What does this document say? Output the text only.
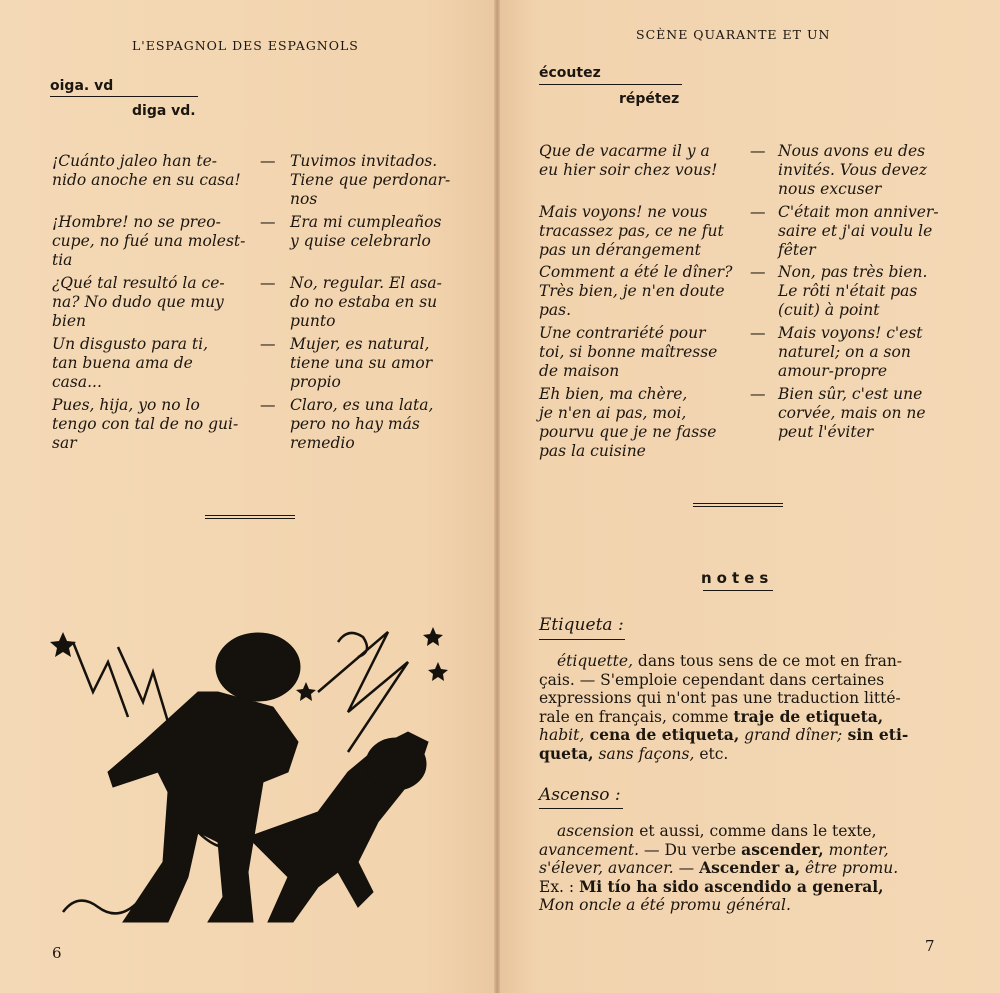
L'ESPAGNOL DES ESPAGNOLS
oiga. vd
diga vd.
¡Cuánto jaleo han te-
nido anoche en su casa!
— Tuvimos invitados.
Tiene que perdonar-
nos
¡Hombre! no se preo-
cupe, no fué una molest-
tia
— Era mi cumpleaños
y quise celebrarlo
¿Qué tal resultó la ce-
na? No dudo que muy
bien
— No, regular. El asa-
do no estaba en su
punto
Un disgusto para ti,
tan buena ama de casa...
— Mujer, es natural,
tiene una su amor
propio
Pues, hija, yo no lo
tengo con tal de no gui-
sar
— Claro, es una lata,
pero no hay más
remedio
6
SCÈNE QUARANTE ET UN
écoutez
répétez
Que de vacarme il y a
eu hier soir chez vous!
— Nous avons eu des
invités. Vous devez
nous excuser
Mais voyons! ne vous
tracassez pas, ce ne fut
pas un dérangement
— C'était mon anniver-
saire et j'ai voulu le
fêter
Comment a été le dîner?
Très bien, je n'en doute
pas.
— Non, pas très bien.
Le rôti n'était pas
(cuit) à point
Une contrariété pour
toi, si bonne maîtresse
de maison
— Mais voyons! c'est
naturel; on a son
amour-propre
Eh bien, ma chère,
je n'en ai pas, moi,
pourvu que je ne fasse
pas la cuisine
— Bien sûr, c'est une
corvée, mais on ne
peut l'éviter
notes
Etiqueta :
étiquette, dans tous sens de ce mot en fran-
çais. — S'emploie cependant dans certaines
expressions qui n'ont pas une traduction litté-
rale en français, comme traje de etiqueta,
habit, cena de etiqueta, grand dîner; sin eti-
queta, sans façons, etc.
Ascenso :
ascension et aussi, comme dans le texte,
avancement. — Du verbe ascender, monter,
s'élever, avancer. — Ascender a, être promu.
Ex. : Mi tío ha sido ascendido a general,
Mon oncle a été promu général.
7
